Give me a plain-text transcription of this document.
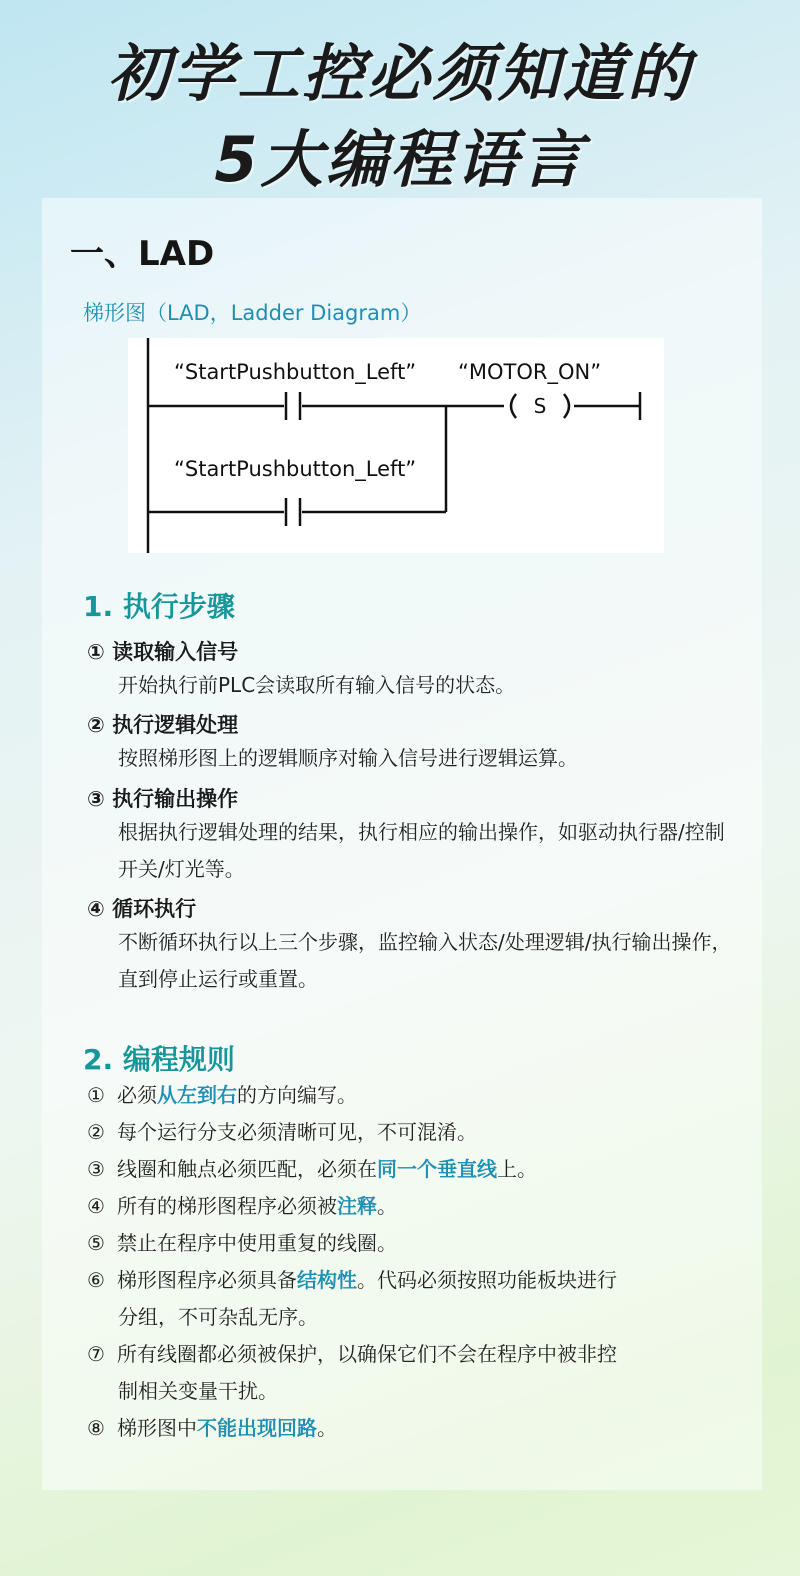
初学工控必须知道的
5大编程语言
一、LAD

梯形图（LAD，Ladder Diagram）

S
“StartPushbutton_Left” “MOTOR_ON”
“StartPushbutton_Left”
1. 执行步骤

① 读取输入信号

开始执行前PLC会读取所有输入信号的状态。

② 执行逻辑处理

按照梯形图上的逻辑顺序对输入信号进行逻辑运算。

③ 执行输出操作

根据执行逻辑处理的结果，执行相应的输出操作，如驱动执行器/控制开关/灯光等。

④ 循环执行

不断循环执行以上三个步骤，监控输入状态/处理逻辑/执行输出操作，直到停止运行或重置。

2. 编程规则

① 必须从左到右的方向编写。

② 每个运行分支必须清晰可见，不可混淆。

③ 线圈和触点必须匹配，必须在同一个垂直线上。

④ 所有的梯形图程序必须被注释。

⑤ 禁止在程序中使用重复的线圈。

⑥ 梯形图程序必须具备结构性。代码必须按照功能板块进行
分组，不可杂乱无序。

⑦ 所有线圈都必须被保护，以确保它们不会在程序中被非控
制相关变量干扰。

⑧ 梯形图中不能出现回路。
